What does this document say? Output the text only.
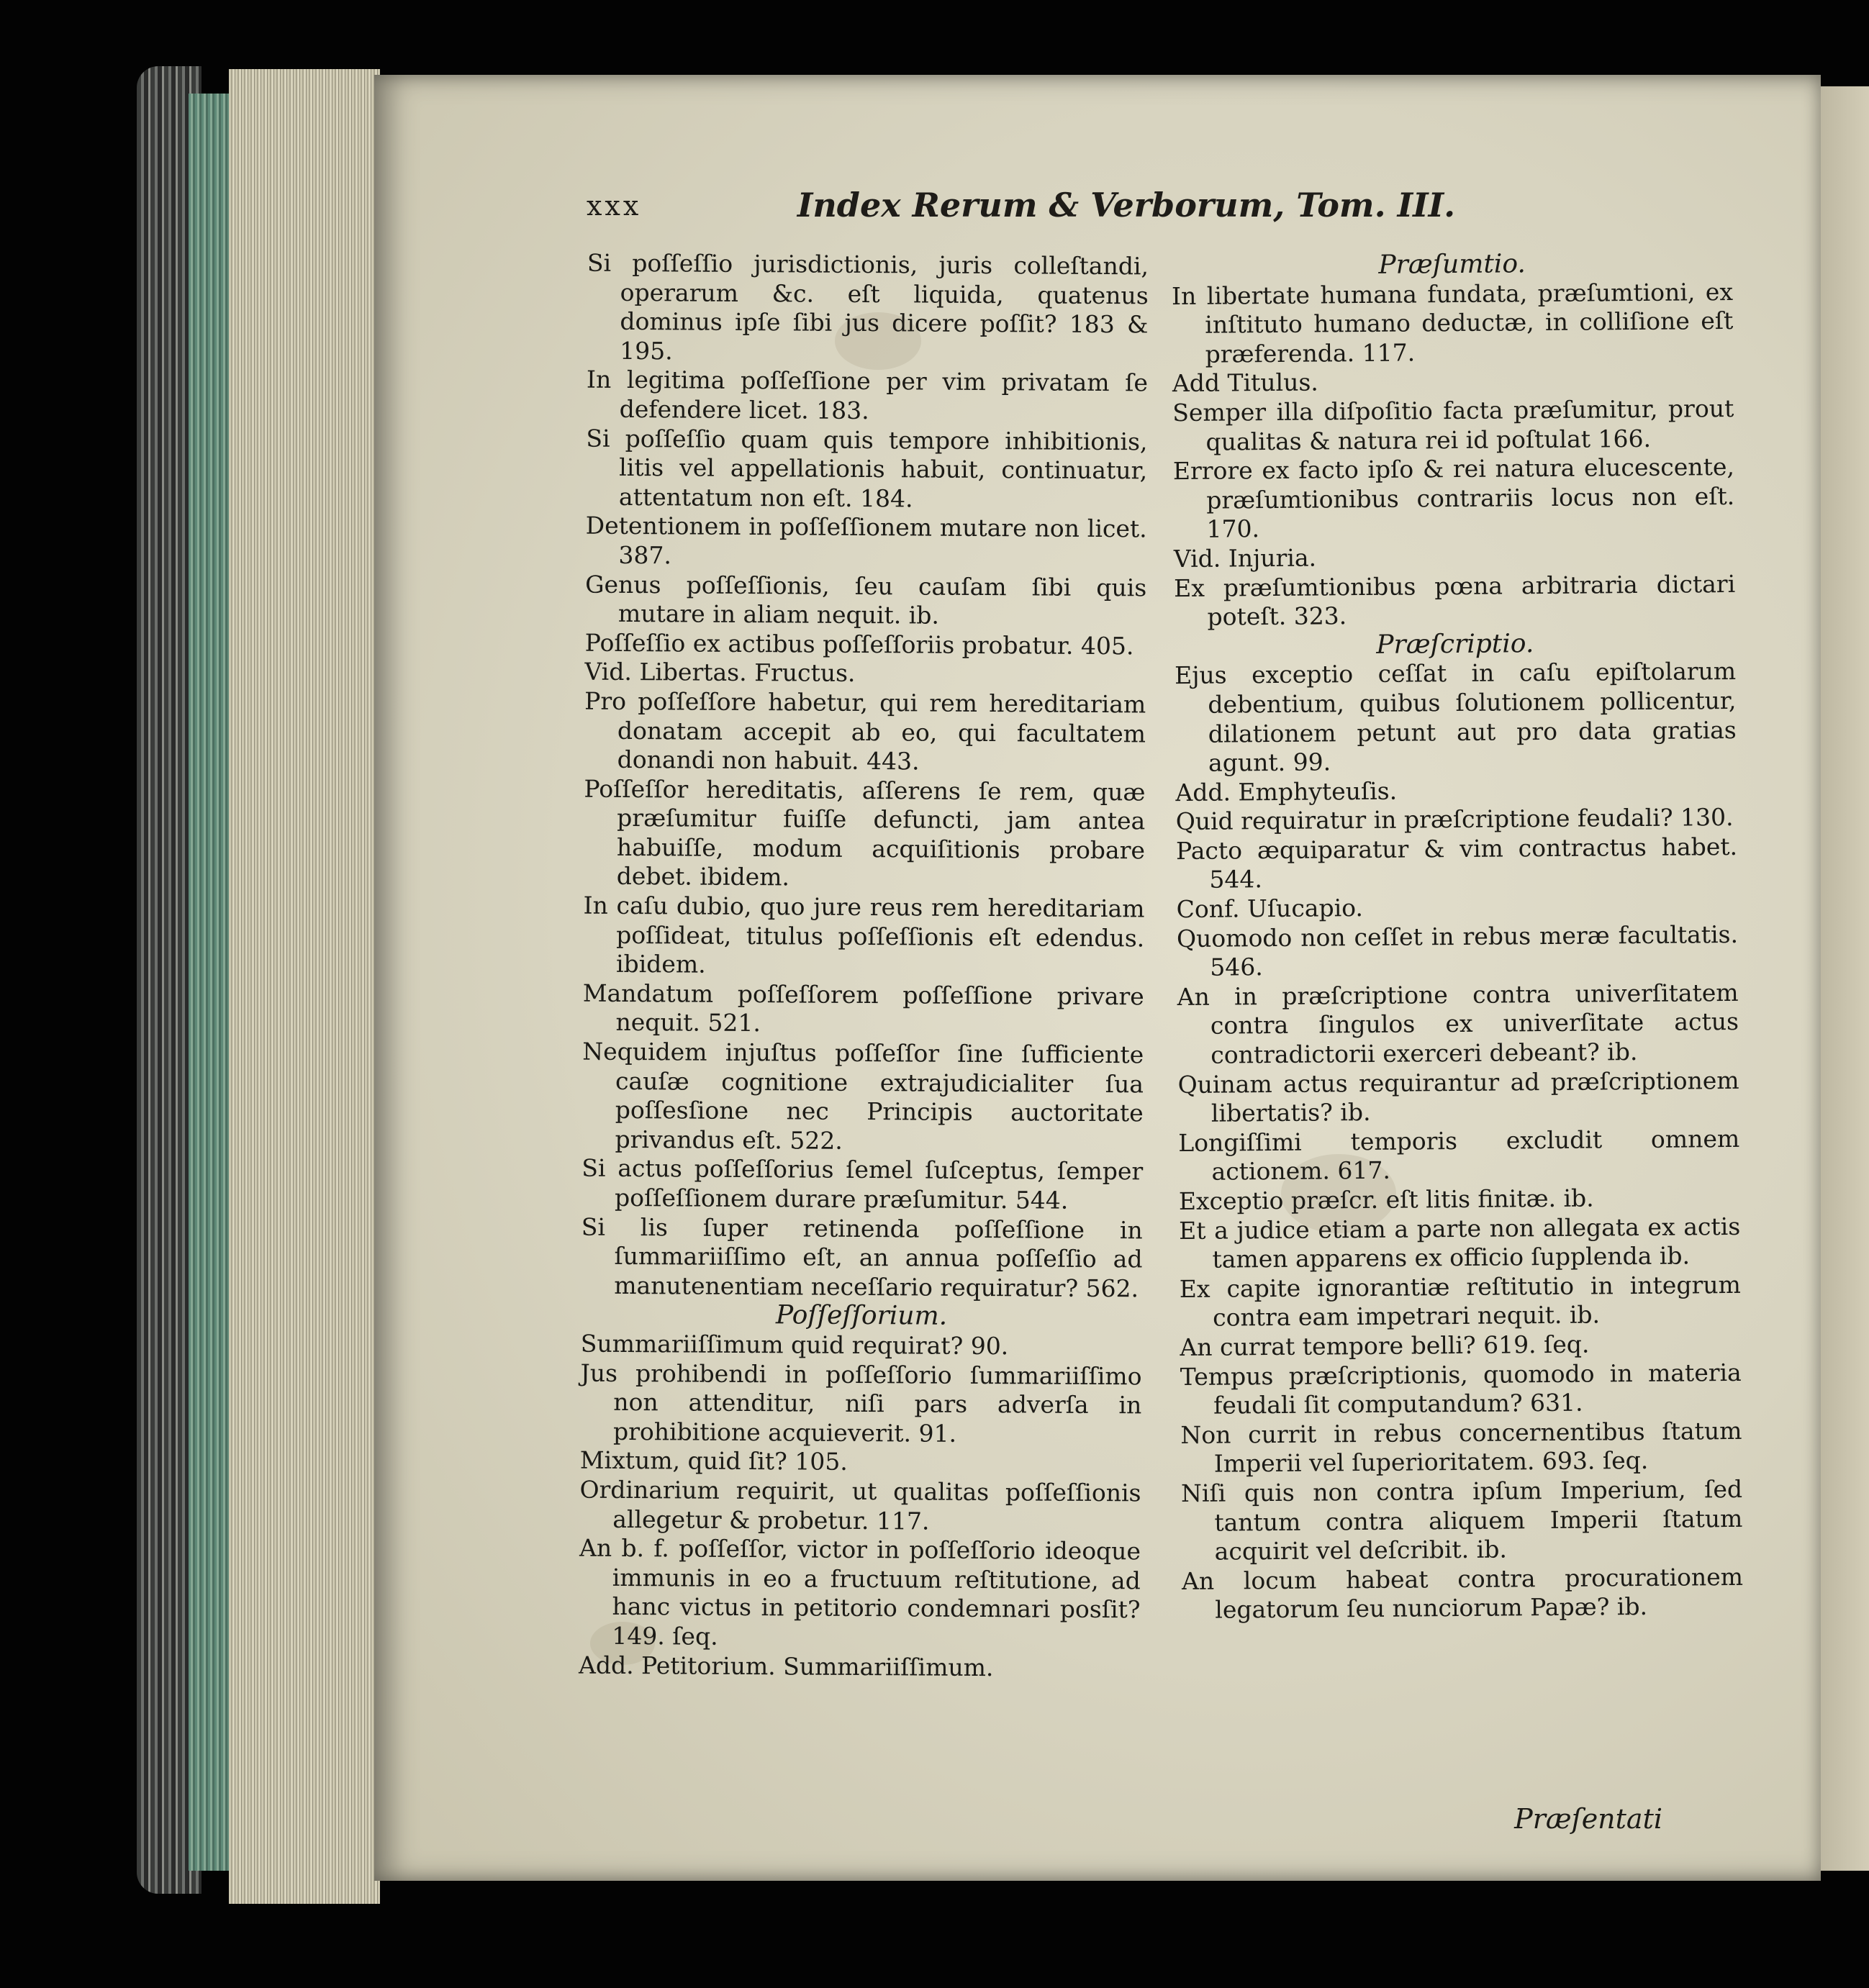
xxx	Index Rerum & Verborum, Tom. III.

Si poſſeſſio jurisdictionis, juris colleſtandi, operarum &c. eſt liquida, quatenus dominus ipſe ſibi jus dicere poſſit? 183 & 195.

In legitima poſſeſſione per vim privatam ſe defendere licet. 183.

Si poſſeſſio quam quis tempore inhibitionis, litis vel appellationis habuit, continuatur, attentatum non eſt. 184.

Detentionem in poſſeſſionem mutare non licet. 387.

Genus poſſeſſionis, ſeu cauſam ſibi quis mutare in aliam nequit. ib.

Poſſeſſio ex actibus poſſeſſoriis probatur. 405.

Vid. Libertas. Fructus.

Pro poſſeſſore habetur, qui rem hereditariam donatam accepit ab eo, qui facultatem donandi non habuit. 443.

Poſſeſſor hereditatis, aſſerens ſe rem, quæ præſumitur fuiſſe defuncti, jam antea habuiſſe, modum acquiſitionis probare debet. ibidem.

In caſu dubio, quo jure reus rem hereditariam poſſideat, titulus poſſeſſionis eſt edendus. ibidem.

Mandatum poſſeſſorem poſſeſſione privare nequit. 521.

Nequidem injuſtus poſſeſſor ſine ſufficiente cauſæ cognitione extrajudicialiter ſua poſſesſione nec Principis auctoritate privandus eſt. 522.

Si actus poſſeſſorius ſemel ſuſceptus, ſemper poſſeſſionem durare præſumitur. 544.

Si lis ſuper retinenda poſſeſſione in ſummariiſſimo eſt, an annua poſſeſſio ad manutenentiam neceſſario requiratur? 562.

Poſſeſſorium.

Summariiſſimum quid requirat? 90.

Jus prohibendi in poſſeſſorio ſummariiſſimo non attenditur, niſi pars adverſa in prohibitione acquieverit. 91.

Mixtum, quid ſit? 105.

Ordinarium requirit, ut qualitas poſſeſſionis allegetur & probetur. 117.

An b. f. poſſeſſor, victor in poſſeſſorio ideoque immunis in eo a fructuum reſtitutione, ad hanc victus in petitorio condemnari posſit? 149. ſeq.

Add. Petitorium. Summariiſſimum.

Præſumtio.

In libertate humana fundata, præſumtioni, ex inſtituto humano deductæ, in colliſione eſt præferenda. 117.

Add Titulus.

Semper illa diſpoſitio facta præſumitur, prout qualitas & natura rei id poſtulat 166.

Errore ex facto ipſo & rei natura elucescente, præſumtionibus contrariis locus non eſt. 170.

Vid. Injuria.

Ex præſumtionibus pœna arbitraria dictari poteſt. 323.

Præſcriptio.

Ejus exceptio ceſſat in caſu epiſtolarum debentium, quibus ſolutionem pollicentur, dilationem petunt aut pro data gratias agunt. 99.

Add. Emphyteuſis.

Quid requiratur in præſcriptione feudali? 130.

Pacto æquiparatur & vim contractus habet. 544.

Conf. Uſucapio.

Quomodo non ceſſet in rebus meræ facultatis. 546.

An in præſcriptione contra univerſitatem contra ſingulos ex univerſitate actus contradictorii exerceri debeant? ib.

Quinam actus requirantur ad præſcriptionem libertatis? ib.

Longiſſimi temporis excludit omnem actionem. 617.

Exceptio præſcr. eſt litis finitæ. ib.

Et a judice etiam a parte non allegata ex actis tamen apparens ex officio ſupplenda ib.

Ex capite ignorantiæ reſtitutio in integrum contra eam impetrari nequit. ib.

An currat tempore belli? 619. ſeq.

Tempus præſcriptionis, quomodo in materia feudali ſit computandum? 631.

Non currit in rebus concernentibus ſtatum Imperii vel ſuperioritatem. 693. ſeq.

Niſi quis non contra ipſum Imperium, ſed tantum contra aliquem Imperii ſtatum acquirit vel deſcribit. ib.

An locum habeat contra procurationem legatorum ſeu nunciorum Papæ? ib.

Præſentati
